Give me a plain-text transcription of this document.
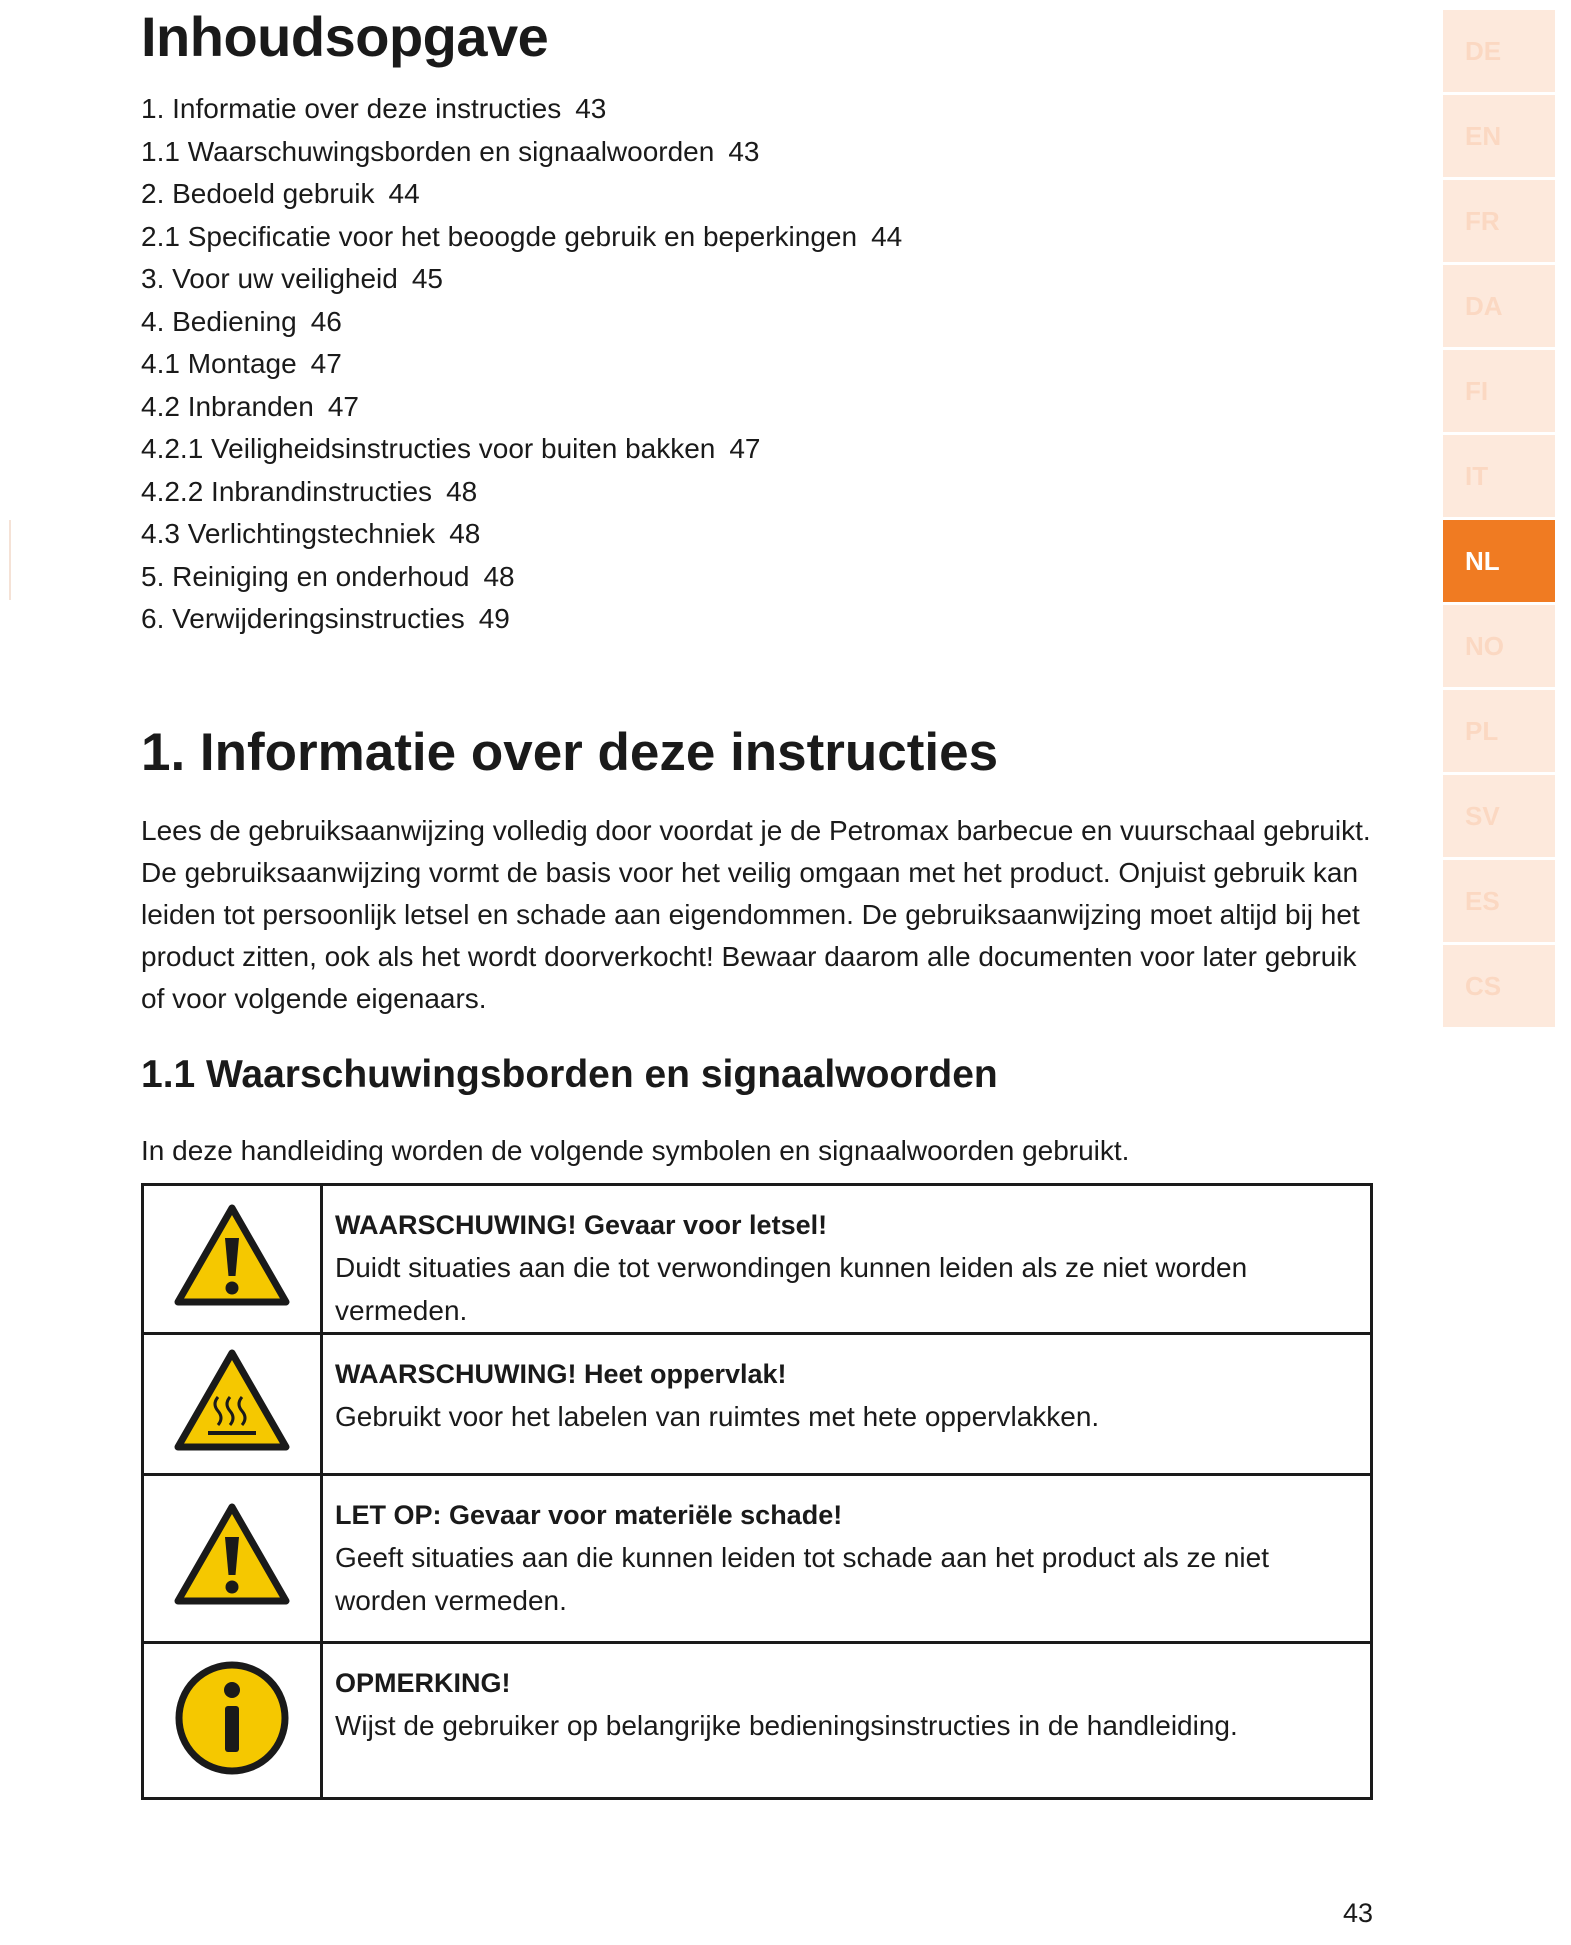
Inhoudsopgave
1. Informatie over deze instructies 43
1.1 Waarschuwingsborden en signaalwoorden 43
2. Bedoeld gebruik 44
2.1 Specificatie voor het beoogde gebruik en beperkingen 44
3. Voor uw veiligheid 45
4. Bediening 46
4.1 Montage 47
4.2 Inbranden 47
4.2.1 Veiligheidsinstructies voor buiten bakken 47
4.2.2 Inbrandinstructies 48
4.3 Verlichtingstechniek 48
5. Reiniging en onderhoud 48
6. Verwijderingsinstructies 49
1. Informatie over deze instructies

Lees de gebruiksaanwijzing volledig door voordat je de Petromax barbecue en vuurschaal gebruikt. De gebruiksaanwijzing vormt de basis voor het veilig omgaan met het product. Onjuist gebruik kan leiden tot persoonlijk letsel en schade aan eigendommen. De gebruiksaanwijzing moet altijd bij het product zitten, ook als het wordt doorverkocht! Bewaar daarom alle documenten voor later gebruik of voor volgende eigenaars.

1.1 Waarschuwingsborden en signaalwoorden

In deze handleiding worden de volgende symbolen en signaalwoorden gebruikt.

WAARSCHUWING! Gevaar voor letsel!
Duidt situaties aan die tot verwondingen kunnen leiden als ze niet worden vermeden.

WAARSCHUWING! Heet oppervlak!
Gebruikt voor het labelen van ruimtes met hete oppervlakken.

LET OP: Gevaar voor materiële schade!
Geeft situaties aan die kunnen leiden tot schade aan het product als ze niet worden vermeden.

OPMERKING!
Wijst de gebruiker op belangrijke bedieningsinstructies in de handleiding.
DE
EN
FR
DA
FI
IT
NL
NO
PL
SV
ES
CS

43
